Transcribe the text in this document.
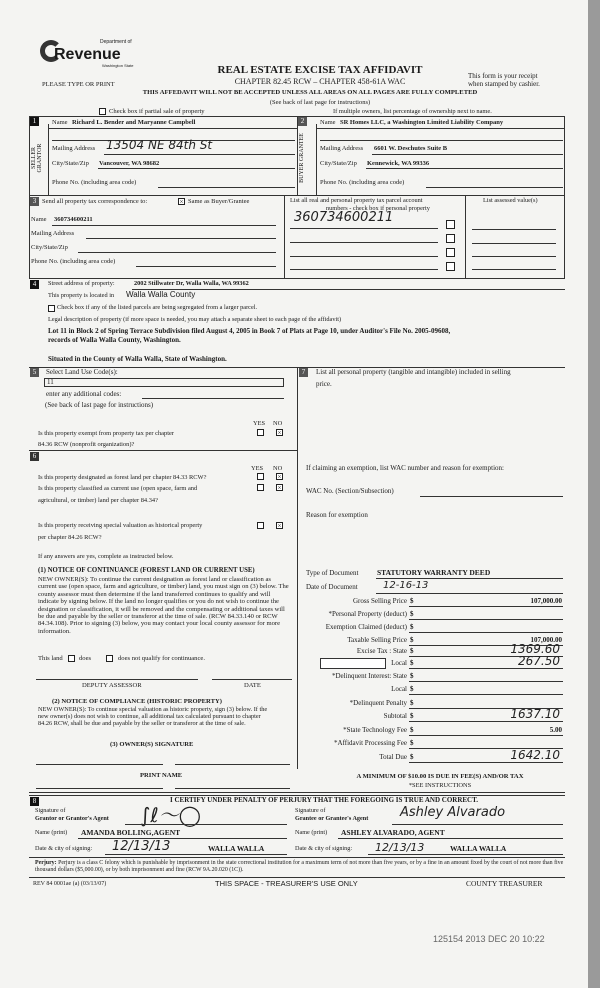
Department of
Revenue
Washington State
PLEASE TYPE OR PRINT
REAL ESTATE EXCISE TAX AFFIDAVIT
CHAPTER 82.45 RCW – CHAPTER 458-61A WAC
THIS AFFEDAVIT WILL NOT BE ACCEPTED UNLESS ALL AREAS ON ALL PAGES ARE FULLY COMPLETED
(See back of last page for instructions)
This form is your receipt
when stamped by cashier.
Check box if partial sale of property	If multiple owners, list percentage of ownership next to name.
1	2
SELLER GRANTOR	BUYER GRANTEE
Name Richard L. Bender and Maryanne Campbell
Mailing Address 13504 NE 84th St
City/State/Zip Vancouver, WA 98682
Phone No. (including area code)
Name SR Homes LLC, a Washington Limited Liability Company
Mailing Address 6601 W. Deschutes Suite B
City/State/Zip Kennewick, WA 99336
Phone No. (including area code)
3 Send all property tax correspondence to:	× Same as Buyer/Grantee
Name 360734600211
Mailing Address
City/State/Zip
Phone No. (including area code)
List all real and personal property tax parcel account
numbers - check box if personal property
List assessed value(s)
360734600211
4	Street address of property:	2002 Stillwater Dr, Walla Walla, WA 99362
This property is located in Walla Walla County
Check box if any of the listed parcels are being segregated from a larger parcel.
Legal description of property (if more space is needed, you may attach a separate sheet to each page of the affidavit)
Lot 11 in Block 2 of Spring Terrace Subdivision filed August 4, 2005 in Book 7 of Plats at Page 10, under Auditor's File No. 2005-09608,
records of Walla Walla County, Washington.
Situated in the County of Walla Walla, State of Washington.
5	Select Land Use Code(s):
11
enter any additional codes:
(See back of last page for instructions)
YES NO
Is this property exempt from property tax per chapter
84.36 RCW (nonprofit organization)?
×
7	List all personal property (tangible and intangible) included in selling
price.
6
YES NO
Is this property designated as forest land per chapter 84.33 RCW?	×
Is this property classified as current use (open space, farm and
agricultural, or timber) land per chapter 84.34?
×
Is this property receiving special valuation as historical property
per chapter 84.26 RCW?
×
If any answers are yes, complete as instructed below.
(1) NOTICE OF CONTINUANCE (FOREST LAND OR CURRENT USE)
NEW OWNER(S): To continue the current designation as forest land or classification as current use (open space, farm and agriculture, or timber) land, you must sign on (3) below. The county assessor must then determine if the land transferred continues to qualify and will indicate by signing below. If the land no longer qualifies or you do not wish to continue the designation or classification, it will be removed and the compensating or additional taxes will be due and payable by the seller or transferor at the time of sale. (RCW 84.33.140 or RCW 84.34.108). Prior to signing (3) below, you may contact your local county assessor for more information.
This land does	does not qualify for continuance.
DEPUTY ASSESSOR	DATE
(2) NOTICE OF COMPLIANCE (HISTORIC PROPERTY)
NEW OWNER(S): To continue special valuation as historic property, sign (3) below. If the new owner(s) does not wish to continue, all additional tax calculated pursuant to chapter 84.26 RCW, shall be due and payable by the seller or transferor at the time of sale.
(3) OWNER(S) SIGNATURE
PRINT NAME
If claiming an exemption, list WAC number and reason for exemption:
WAC No. (Section/Subsection)
Reason for exemption
Type of Document STATUTORY WARRANTY DEED
Date of Document	12-16-13
Gross Selling Price $	107,000.00
*Personal Property (deduct) $
Exemption Claimed (deduct) $
Taxable Selling Price $	107,000.00
Excise Tax : State $	1369.60
Local $	267.50
*Delinquent Interest: State $
Local $
*Delinquent Penalty $
Subtotal $	1637.10
*State Technology Fee $	5.00
*Affidavit Processing Fee $
Total Due $	1642.10
A MINIMUM OF $10.00 IS DUE IN FEE(S) AND/OR TAX
*SEE INSTRUCTIONS
8	I CERTIFY UNDER PENALTY OF PERJURY THAT THE FOREGOING IS TRUE AND CORRECT.
Signature of
Grantor or Grantor's Agent ∫ℓ〜◯	Signature of
Grantee or Grantee's Agent Ashley Alvarado
Name (print) AMANDA BOLLING,AGENT	Name (print) ASHLEY ALVARADO, AGENT
Date & city of signing: 12/13/13	WALLA WALLA	Date & city of signing: 12/13/13	WALLA WALLA
Perjury: Perjury is a class C felony which is punishable by imprisonment in the state correctional institution for a maximum term of not more than five years, or by a fine in an amount fixed by the court of not more than five thousand dollars ($5,000.00), or by both imprisonment and fine (RCW 9A.20.020 (1C)).
REV 84 0001ae (a) (03/13/07)	THIS SPACE - TREASURER'S USE ONLY	COUNTY TREASURER
125154 2013 DEC 20 10:22
